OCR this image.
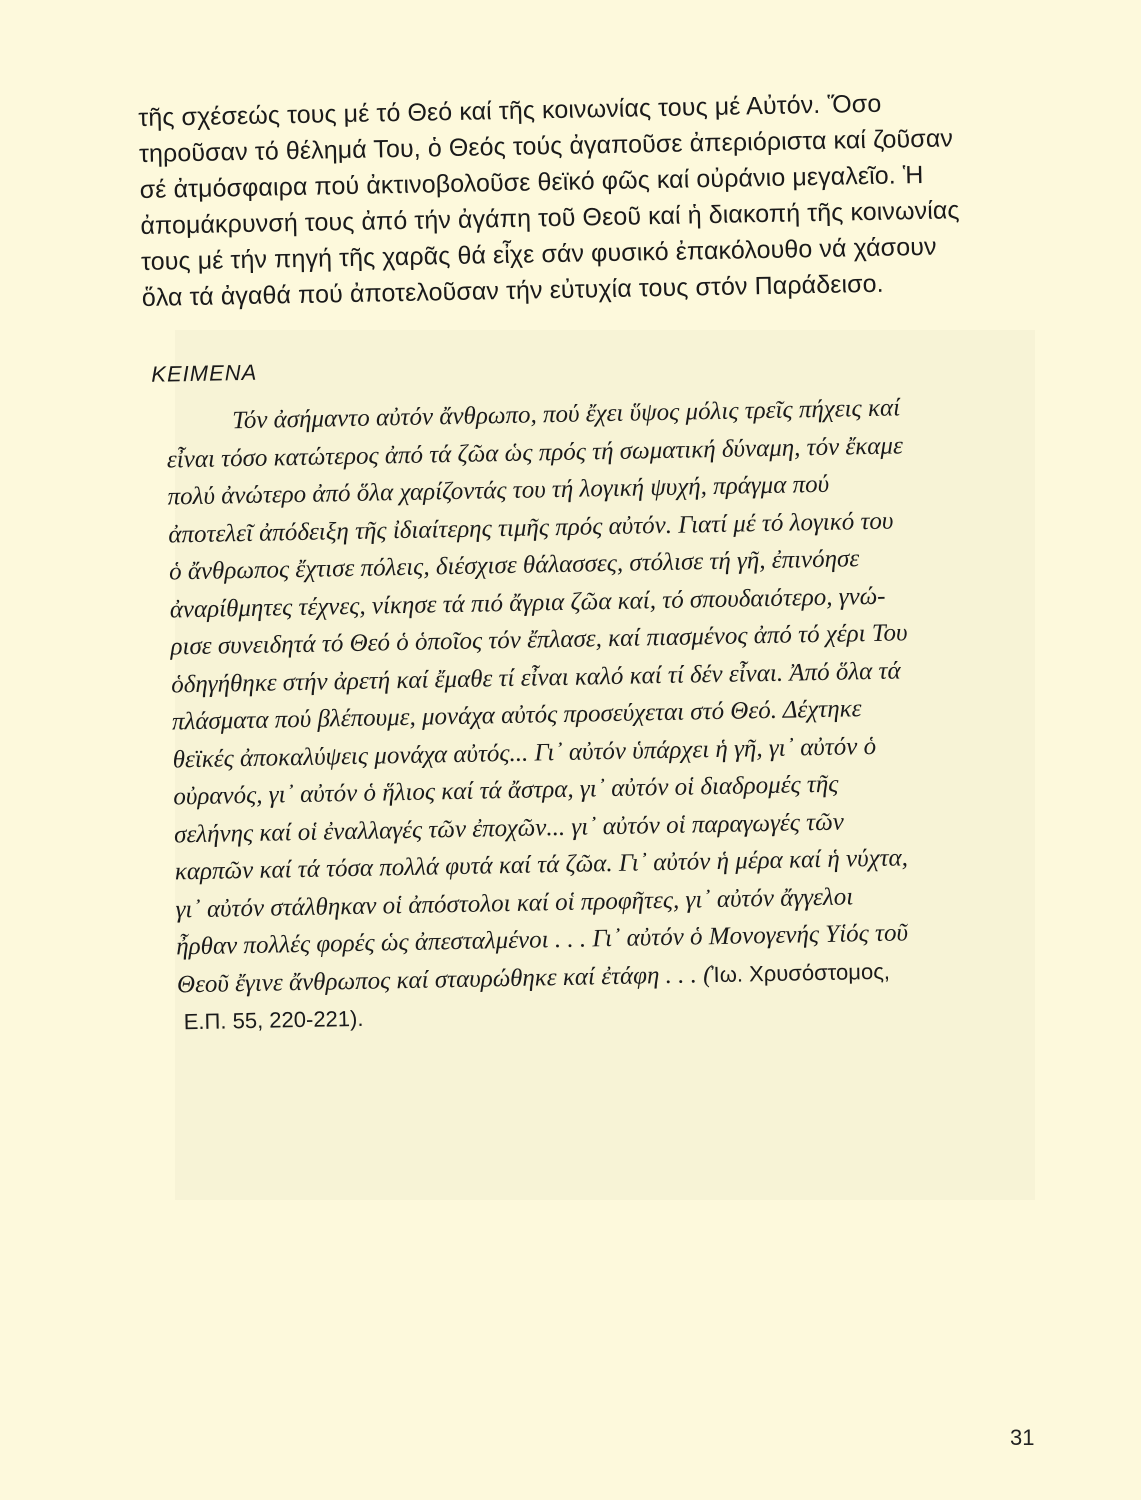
τῆς σχέσεώς τους μέ τό Θεό καί τῆς κοινωνίας τους μέ Αὐτόν. Ὅσο
τηροῦσαν τό θέλημά Του, ὁ Θεός τούς ἀγαποῦσε ἀπεριόριστα καί ζοῦσαν
σέ ἀτμόσφαιρα πού ἀκτινοβολοῦσε θεϊκό φῶς καί οὐράνιο μεγαλεῖο. Ἡ
ἀπομάκρυνσή τους ἀπό τήν ἀγάπη τοῦ Θεοῦ καί ἡ διακοπή τῆς κοινωνίας
τους μέ τήν πηγή τῆς χαρᾶς θά εἶχε σάν φυσικό ἐπακόλουθο νά χάσουν
ὅλα τά ἀγαθά πού ἀποτελοῦσαν τήν εὐτυχία τους στόν Παράδεισο.
ΚΕΙΜΕΝΑ
Τόν ἀσήμαντο αὐτόν ἄνθρωπο, πού ἔχει ὕψος μόλις τρεῖς πήχεις καί
εἶναι τόσο κατώτερος ἀπό τά ζῶα ὡς πρός τή σωματική δύναμη, τόν ἔκαμε
πολύ ἀνώτερο ἀπό ὅλα χαρίζοντάς του τή λογική ψυχή, πράγμα πού
ἀποτελεῖ ἀπόδειξη τῆς ἰδιαίτερης τιμῆς πρός αὐτόν. Γιατί μέ τό λογικό του
ὁ ἄνθρωπος ἔχτισε πόλεις, διέσχισε θάλασσες, στόλισε τή γῆ, ἐπινόησε
ἀναρίθμητες τέχνες, νίκησε τά πιό ἄγρια ζῶα καί, τό σπουδαιότερο, γνώ-
ρισε συνειδητά τό Θεό ὁ ὁποῖος τόν ἔπλασε, καί πιασμένος ἀπό τό χέρι Του
ὁδηγήθηκε στήν ἀρετή καί ἔμαθε τί εἶναι καλό καί τί δέν εἶναι. Ἀπό ὅλα τά
πλάσματα πού βλέπουμε, μονάχα αὐτός προσεύχεται στό Θεό. Δέχτηκε
θεϊκές ἀποκαλύψεις μονάχα αὐτός... Γι᾽ αὐτόν ὑπάρχει ἡ γῆ, γι᾽ αὐτόν ὁ
οὐρανός, γι᾽ αὐτόν ὁ ἥλιος καί τά ἄστρα, γι᾽ αὐτόν οἱ διαδρομές τῆς
σελήνης καί οἱ ἐναλλαγές τῶν ἐποχῶν... γι᾽ αὐτόν οἱ παραγωγές τῶν
καρπῶν καί τά τόσα πολλά φυτά καί τά ζῶα. Γι᾽ αὐτόν ἡ μέρα καί ἡ νύχτα,
γι᾽ αὐτόν στάλθηκαν οἱ ἀπόστολοι καί οἱ προφῆτες, γι᾽ αὐτόν ἄγγελοι
ἦρθαν πολλές φορές ὡς ἀπεσταλμένοι . . . Γι᾽ αὐτόν ὁ Μονογενής Υἱός τοῦ
Θεοῦ ἔγινε ἄνθρωπος καί σταυρώθηκε καί ἐτάφη . . . (Ἰω. Χρυσόστομος,
Ε.Π. 55, 220-221).
31
